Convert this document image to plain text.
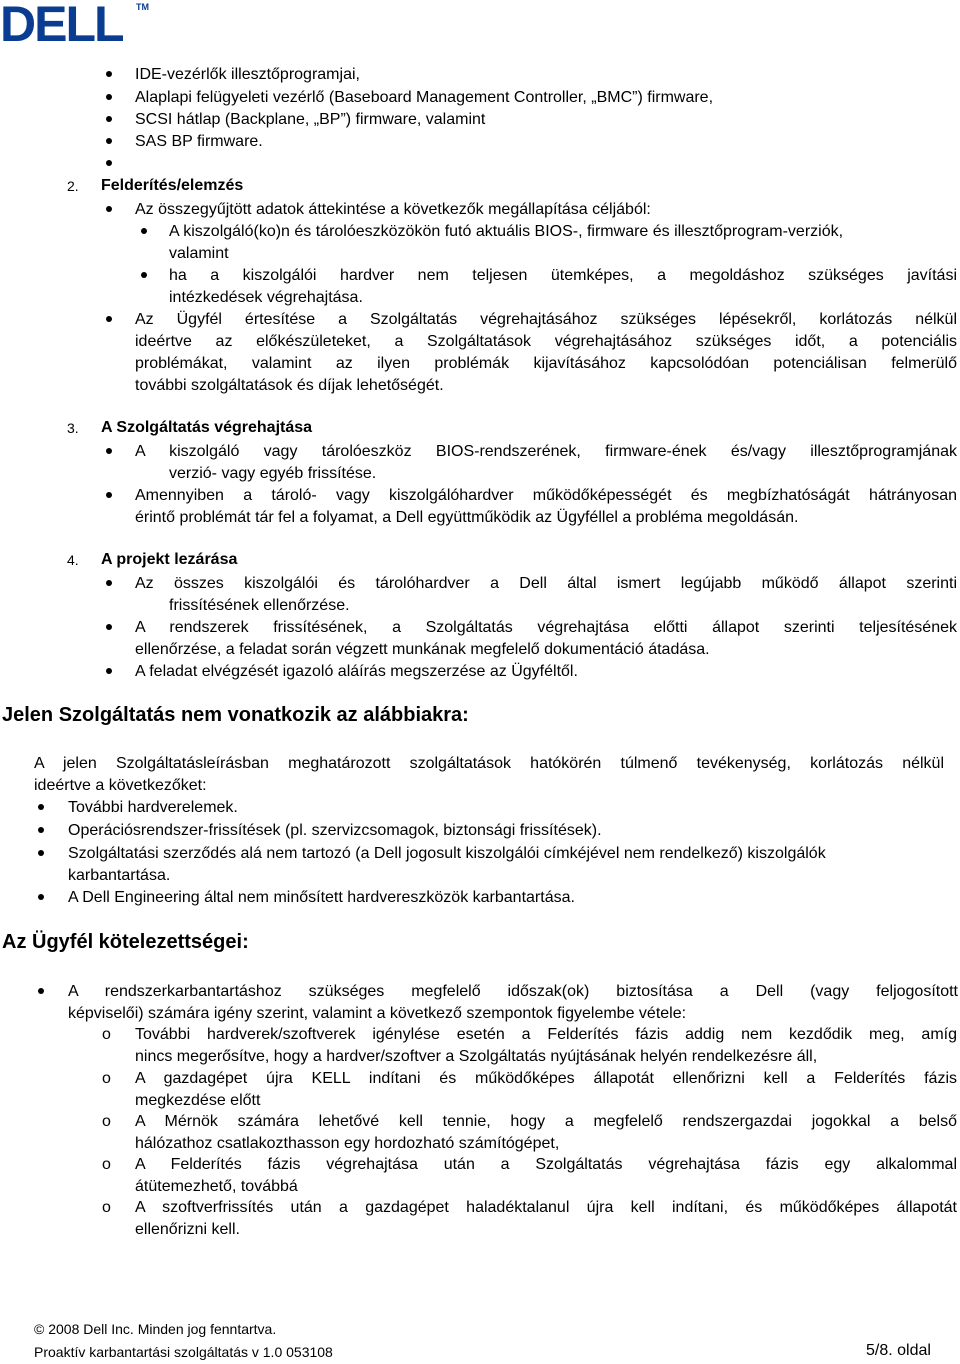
DELL TM
IDE-vezérlők illesztőprogramjai,
Alaplapi felügyeleti vezérlő (Baseboard Management Controller, „BMC”) firmware,
SCSI hátlap (Backplane, „BP”) firmware, valamint
SAS BP firmware.
2. Felderítés/elemzés
Az összegyűjtött adatok áttekintése a következők megállapítása céljából:
A kiszolgáló(ko)n és tárolóeszközökön futó aktuális BIOS-, firmware és illesztőprogram-verziók,
valamint
ha a kiszolgálói hardver nem teljesen ütemképes, a megoldáshoz szükséges javítási
intézkedések végrehajtása.
Az Ügyfél értesítése a Szolgáltatás végrehajtásához szükséges lépésekről, korlátozás nélkül
ideértve az előkészületeket, a Szolgáltatások végrehajtásához szükséges időt, a potenciális
problémákat, valamint az ilyen problémák kijavításához kapcsolódóan potenciálisan felmerülő
további szolgáltatások és díjak lehetőségét.
3. A Szolgáltatás végrehajtása
A kiszolgáló vagy tárolóeszköz BIOS-rendszerének, firmware-ének és/vagy illesztőprogramjának
verzió- vagy egyéb frissítése.
Amennyiben a tároló- vagy kiszolgálóhardver működőképességét és megbízhatóságát hátrányosan
érintő problémát tár fel a folyamat, a Dell együttműködik az Ügyféllel a probléma megoldásán.
4. A projekt lezárása
Az összes kiszolgálói és tárolóhardver a Dell által ismert legújabb működő állapot szerinti
frissítésének ellenőrzése.
A rendszerek frissítésének, a Szolgáltatás végrehajtása előtti állapot szerinti teljesítésének
ellenőrzése, a feladat során végzett munkának megfelelő dokumentáció átadása.
A feladat elvégzését igazoló aláírás megszerzése az Ügyféltől.
Jelen Szolgáltatás nem vonatkozik az alábbiakra:
A jelen Szolgáltatásleírásban meghatározott szolgáltatások hatókörén túlmenő tevékenység, korlátozás nélkül
ideértve a következőket:
További hardverelemek.
Operációsrendszer-frissítések (pl. szervizcsomagok, biztonsági frissítések).
Szolgáltatási szerződés alá nem tartozó (a Dell jogosult kiszolgálói címkéjével nem rendelkező) kiszolgálók
karbantartása.
A Dell Engineering által nem minősített hardvereszközök karbantartása.
Az Ügyfél kötelezettségei:
A rendszerkarbantartáshoz szükséges megfelelő időszak(ok) biztosítása a Dell (vagy feljogosított
képviselői) számára igény szerint, valamint a következő szempontok figyelembe vétele:
o További hardverek/szoftverek igénylése esetén a Felderítés fázis addig nem kezdődik meg, amíg
nincs megerősítve, hogy a hardver/szoftver a Szolgáltatás nyújtásának helyén rendelkezésre áll,
o A gazdagépet újra KELL indítani és működőképes állapotát ellenőrizni kell a Felderítés fázis
megkezdése előtt
o A Mérnök számára lehetővé kell tennie, hogy a megfelelő rendszergazdai jogokkal a belső
hálózathoz csatlakozthasson egy hordozható számítógépet,
o A Felderítés fázis végrehajtása után a Szolgáltatás végrehajtása fázis egy alkalommal
átütemezhető, továbbá
o A szoftverfrissítés után a gazdagépet haladéktalanul újra kell indítani, és működőképes állapotát
ellenőrizni kell.
© 2008 Dell Inc. Minden jog fenntartva.
Proaktív karbantartási szolgáltatás v 1.0 053108	5/8. oldal
